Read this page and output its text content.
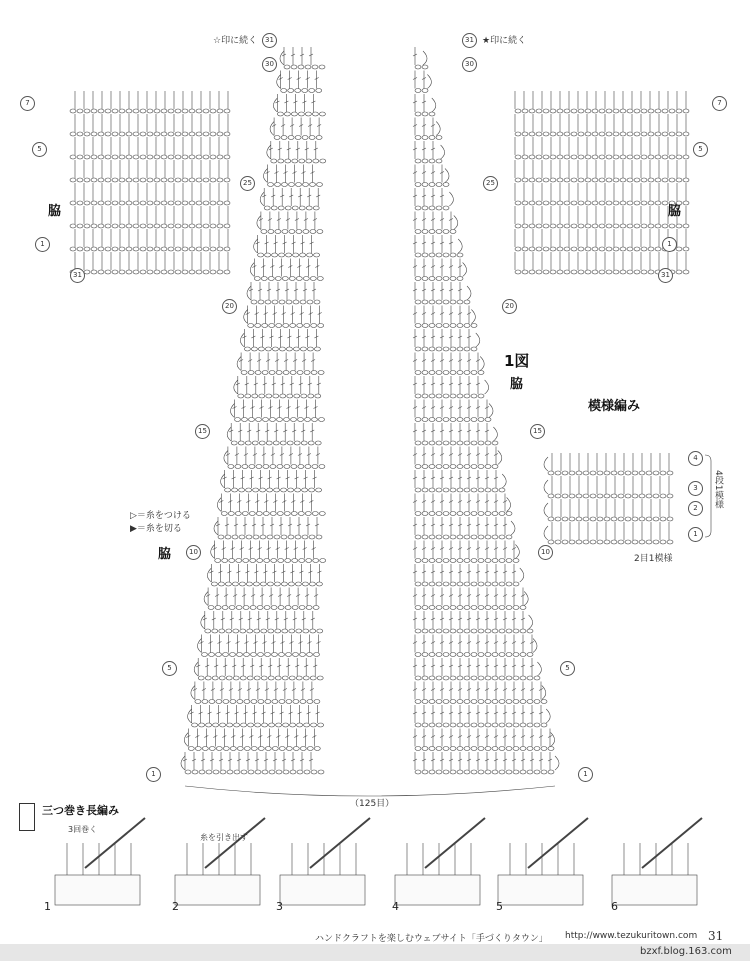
☆印に続く
脇
▷＝糸をつける
▶＝糸を切る
★印に続く
1図
脇
脇	脇
模様編み
4段1模様
2目1模様
（125目）
三つ巻き長編み
3回巻く
糸を引き出す
1	2	3	4	5	6
ハンドクラフトを楽しむウェブサイト「手づくりタウン」 http://www.tezukuritown.com 31
bzxf.blog.163.com
31
30
25
20
15
10
5
1
31
30
25
20
15
10
5
1
7
5
1
31
7
5
1
31
4
3
2
1
